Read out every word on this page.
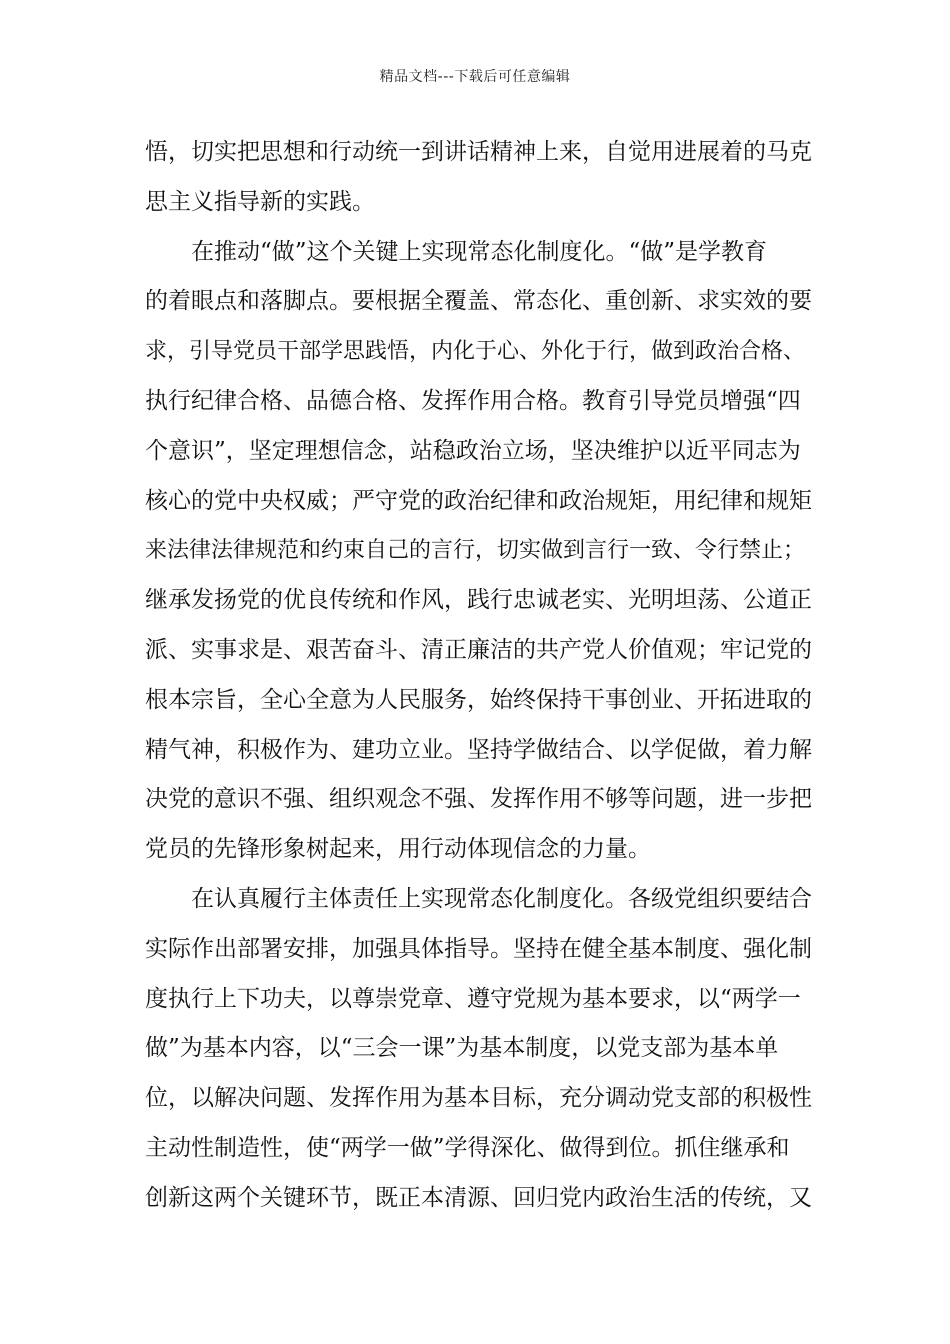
精品文档---下载后可任意编辑
悟，切实把思想和行动统一到讲话精神上来，自觉用进展着的马克
思主义指导新的实践。
在推动“做”这个关键上实现常态化制度化。“做”是学教育
的着眼点和落脚点。要根据全覆盖、常态化、重创新、求实效的要
求，引导党员干部学思践悟，内化于心、外化于行，做到政治合格、
执行纪律合格、品德合格、发挥作用合格。教育引导党员增强“四
个意识”，坚定理想信念，站稳政治立场，坚决维护以近平同志为
核心的党中央权威；严守党的政治纪律和政治规矩，用纪律和规矩
来法律法律规范和约束自己的言行，切实做到言行一致、令行禁止；
继承发扬党的优良传统和作风，践行忠诚老实、光明坦荡、公道正
派、实事求是、艰苦奋斗、清正廉洁的共产党人价值观；牢记党的
根本宗旨，全心全意为人民服务，始终保持干事创业、开拓进取的
精气神，积极作为、建功立业。坚持学做结合、以学促做，着力解
决党的意识不强、组织观念不强、发挥作用不够等问题，进一步把
党员的先锋形象树起来，用行动体现信念的力量。
在认真履行主体责任上实现常态化制度化。各级党组织要结合
实际作出部署安排，加强具体指导。坚持在健全基本制度、强化制
度执行上下功夫，以尊崇党章、遵守党规为基本要求，以“两学一
做”为基本内容，以“三会一课”为基本制度，以党支部为基本单
位，以解决问题、发挥作用为基本目标，充分调动党支部的积极性
主动性制造性，使“两学一做”学得深化、做得到位。抓住继承和
创新这两个关键环节，既正本清源、回归党内政治生活的传统，又
